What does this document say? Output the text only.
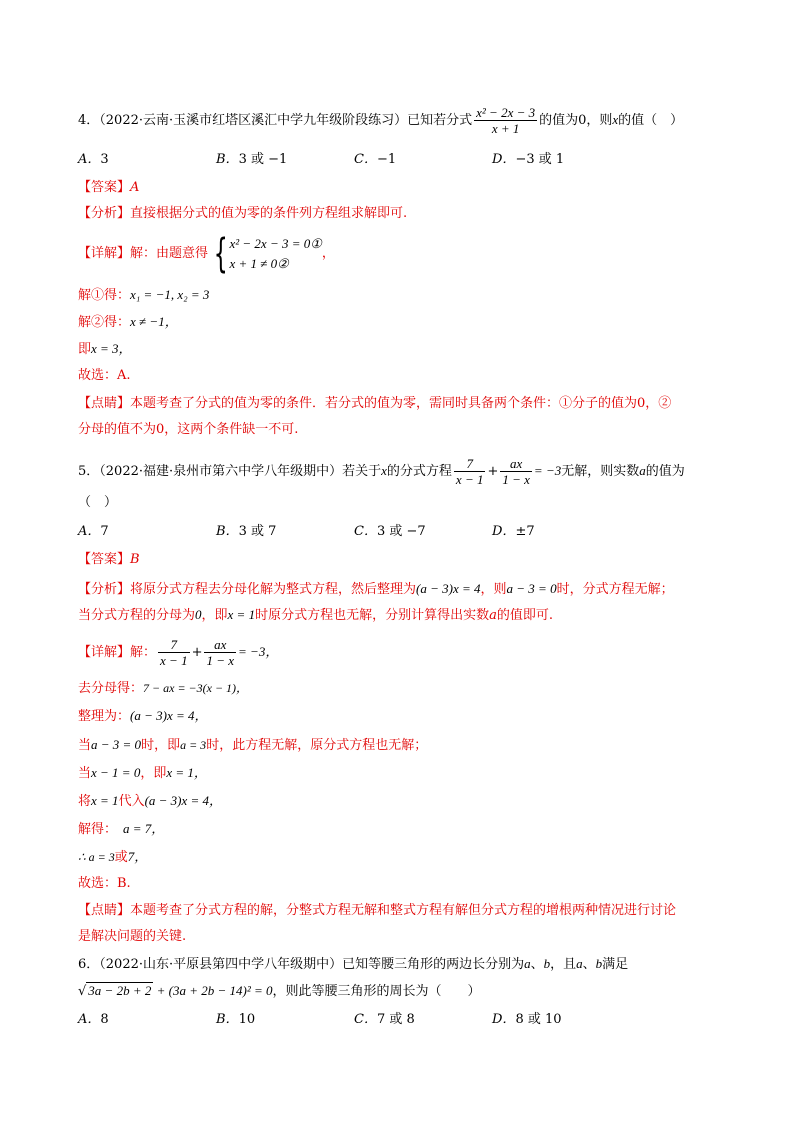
4．（2022·云南·玉溪市红塔区溪汇中学九年级阶段练习）已知若分式 $\frac{\text{x² − 2x − 3}}{x + 1}$ 的值为0，则x的值（　）
A．3	B．3 或 −1	C．−1	D．−3 或 1
【答案】A
【分析】直接根据分式的值为零的条件列方程组求解即可.
【详解】解：由题意得 { x² − 2x − 3 = 0①
x + 1 ≠ 0②
，
解①得：x₁ = −1, x₂ = 3
解②得：x ≠ −1，
即x = 3，
故选：A.
【点睛】本题考查了分式的值为零的条件．若分式的值为零，需同时具备两个条件：①分子的值为0，②
分母的值不为0，这两个条件缺一不可.
5．（2022·福建·泉州市第六中学八年级期中）若关于x的分式方程 $\frac{7}{x - 1} + \frac{ax}{1 - x} = -3$无解，则实数a的值为
（　）
A．7	B．3 或 7	C．3 或 −7	D．±7
【答案】B
【分析】将原分式方程去分母化解为整式方程，然后整理为(a − 3)x = 4，则a − 3 = 0时，分式方程无解；
当分式方程的分母为0，即x = 1时原分式方程也无解，分别计算得出实数a的值即可.
【详解】解： $\frac{7}{x - 1} + \frac{ax}{1 - x} = -3$，
去分母得：7 − ax = −3(x − 1)，
整理为：(a − 3)x = 4，
当a − 3 = 0时，即a = 3时，此方程无解，原分式方程也无解；
当x − 1 = 0，即x = 1，
将x = 1代入(a − 3)x = 4，
解得： a = 7，
∴ a = 3或7，
故选：B.
【点睛】本题考查了分式方程的解，分整式方程无解和整式方程有解但分式方程的增根两种情况进行讨论
是解决问题的关键.
6．（2022·山东·平原县第四中学八年级期中）已知等腰三角形的两边长分别为a、b，且a、b满足
√ 3a − 2b + 2 + (3a + 2b − 14)² = 0，则此等腰三角形的周长为（　　）
A．8	B．10	C．7 或 8	D．8 或 10
